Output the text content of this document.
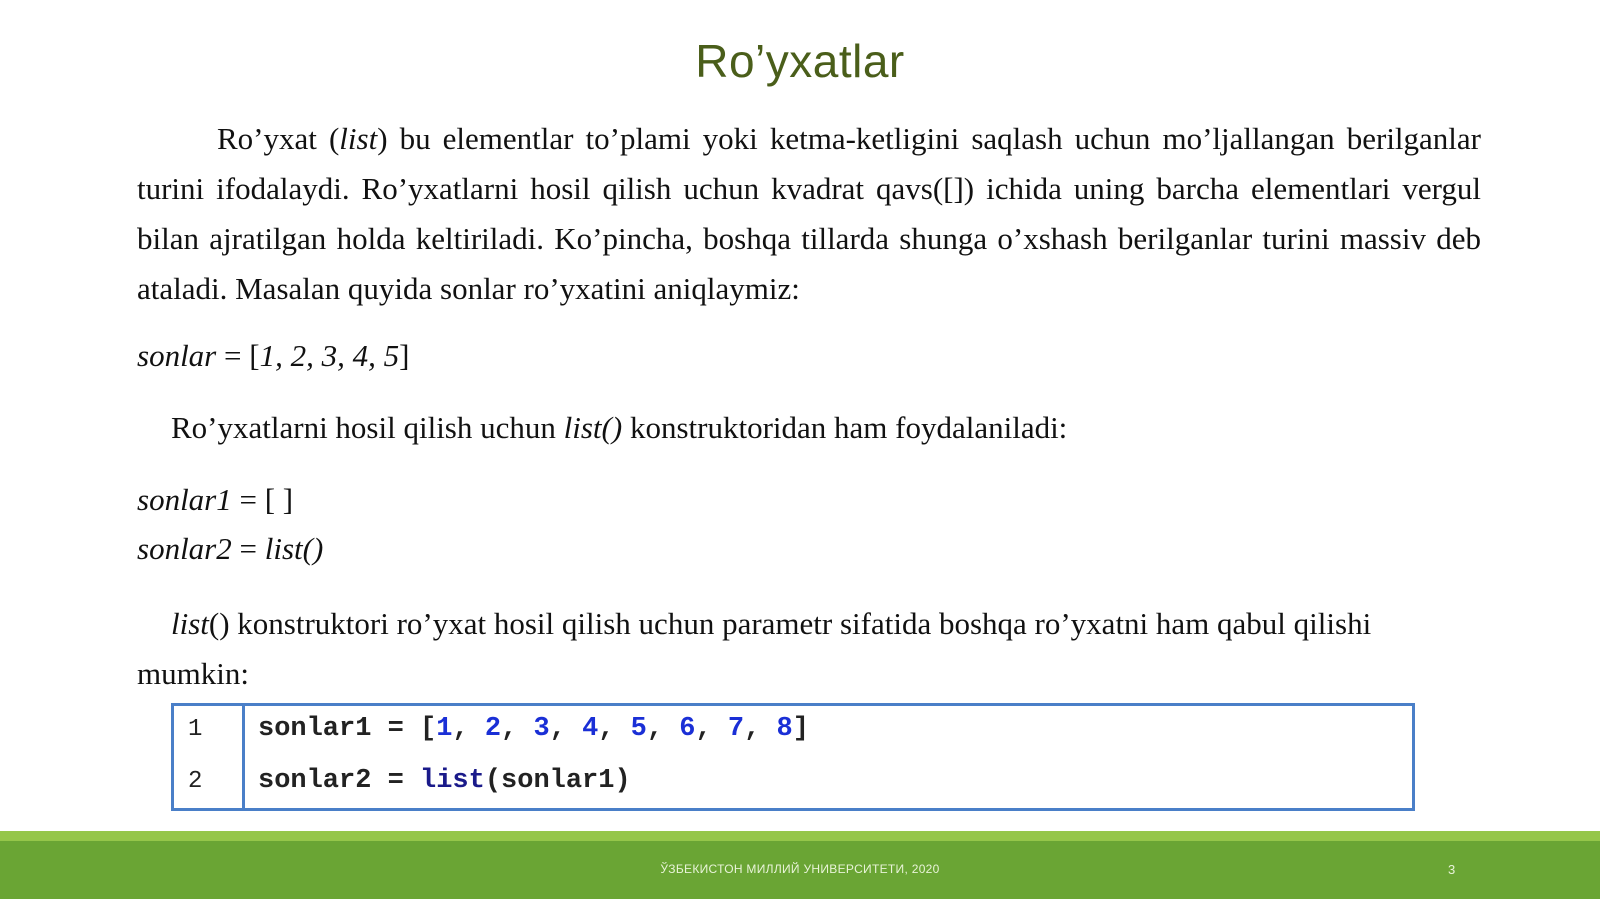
Ro’yxatlar
Ro’yxat (list) bu elementlar to’plami yoki ketma-ketligini saqlash uchun mo’ljallangan berilganlar turini ifodalaydi. Ro’yxatlarni hosil qilish uchun kvadrat qavs([]) ichida uning barcha elementlari vergul bilan ajratilgan holda keltiriladi. Ko’pincha, boshqa tillarda shunga o’xshash berilganlar turini massiv deb ataladi. Masalan quyida sonlar ro’yxatini aniqlaymiz:
sonlar = [1, 2, 3, 4, 5]
Ro’yxatlarni hosil qilish uchun list() konstruktoridan ham foydalaniladi:
sonlar1 = [ ]
sonlar2 = list()
list() konstruktori ro’yxat hosil qilish uchun parametr sifatida boshqa ro’yxatni ham qabul qilishi mumkin:
1
2
sonlar1 = [1, 2, 3, 4, 5, 6, 7, 8]
sonlar2 = list(sonlar1)
ЎЗБЕКИСТОН МИЛЛИЙ УНИВЕРСИТЕТИ, 2020	3
